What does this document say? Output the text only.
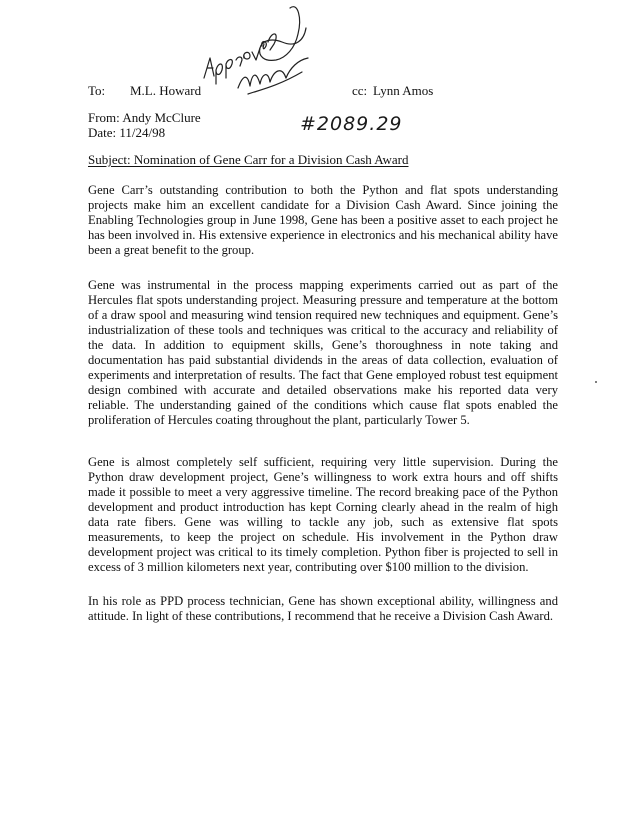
To: M.L. Howard	cc: Lynn Amos
From: Andy McClure
Date: 11/24/98	#2089.29
Subject: Nomination of Gene Carr for a Division Cash Award

Gene Carr’s outstanding contribution to both the Python and flat spots understanding projects make him an excellent candidate for a Division Cash Award. Since joining the Enabling Technologies group in June 1998, Gene has been a positive asset to each project he has been involved in. His extensive experience in electronics and his mechanical ability have been a great benefit to the group.

Gene was instrumental in the process mapping experiments carried out as part of the Hercules flat spots understanding project. Measuring pressure and temperature at the bottom of a draw spool and measuring wind tension required new techniques and equipment. Gene’s industrialization of these tools and techniques was critical to the accuracy and reliability of the data. In addition to equipment skills, Gene’s thoroughness in note taking and documentation has paid substantial dividends in the areas of data collection, evaluation of experiments and interpretation of results. The fact that Gene employed robust test equipment design combined with accurate and detailed observations make his reported data very reliable. The understanding gained of the conditions which cause flat spots enabled the proliferation of Hercules coating throughout the plant, particularly Tower 5.

Gene is almost completely self sufficient, requiring very little supervision. During the Python draw development project, Gene’s willingness to work extra hours and off shifts made it possible to meet a very aggressive timeline. The record breaking pace of the Python development and product introduction has kept Corning clearly ahead in the realm of high data rate fibers. Gene was willing to tackle any job, such as extensive flat spots measurements, to keep the project on schedule. His involvement in the Python draw development project was critical to its timely completion. Python fiber is projected to sell in excess of 3 million kilometers next year, contributing over $100 million to the division.

In his role as PPD process technician, Gene has shown exceptional ability, willingness and attitude. In light of these contributions, I recommend that he receive a Division Cash Award.
